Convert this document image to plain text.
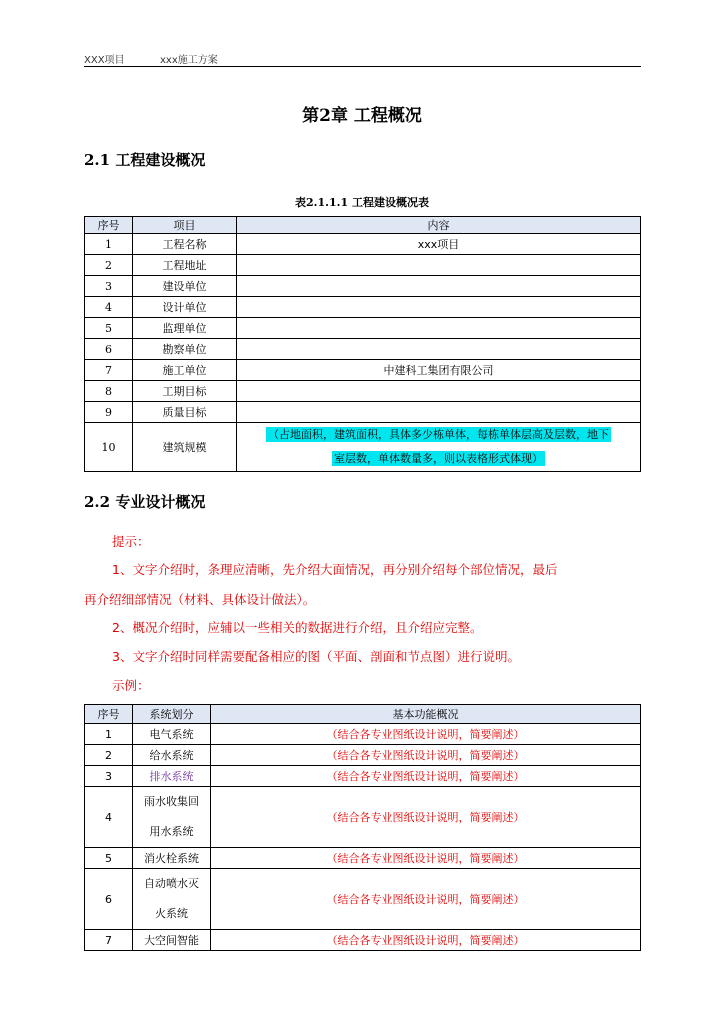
XXX项目	xxx施工方案
第2章 工程概况
2.1 工程建设概况
表2.1.1.1 工程建设概况表
序号	项目	内容
1	工程名称	xxx项目
2	工程地址	
3	建设单位	
4	设计单位	
5	监理单位	
6	勘察单位	
7	施工单位	中建科工集团有限公司
8	工期目标	
9	质量目标	
10	建筑规模	（占地面积，建筑面积，具体多少栋单体，每栋单体层高及层数，地下
室层数，单体数量多，则以表格形式体现）
2.2 专业设计概况
提示：
1、文字介绍时，条理应清晰，先介绍大面情况，再分别介绍每个部位情况，最后
再介绍细部情况（材料、具体设计做法）。
2、概况介绍时，应辅以一些相关的数据进行介绍，且介绍应完整。
3、文字介绍时同样需要配备相应的图（平面、剖面和节点图）进行说明。
示例：
序号	系统划分	基本功能概况
1	电气系统	（结合各专业图纸设计说明，简要阐述）
2	给水系统	（结合各专业图纸设计说明，简要阐述）
3	排水系统	（结合各专业图纸设计说明，简要阐述）
4	雨水收集回
用水系统	（结合各专业图纸设计说明，简要阐述）
5	消火栓系统	（结合各专业图纸设计说明，简要阐述）
6	自动喷水灭
火系统	（结合各专业图纸设计说明，简要阐述）
7	大空间智能	（结合各专业图纸设计说明，简要阐述）
